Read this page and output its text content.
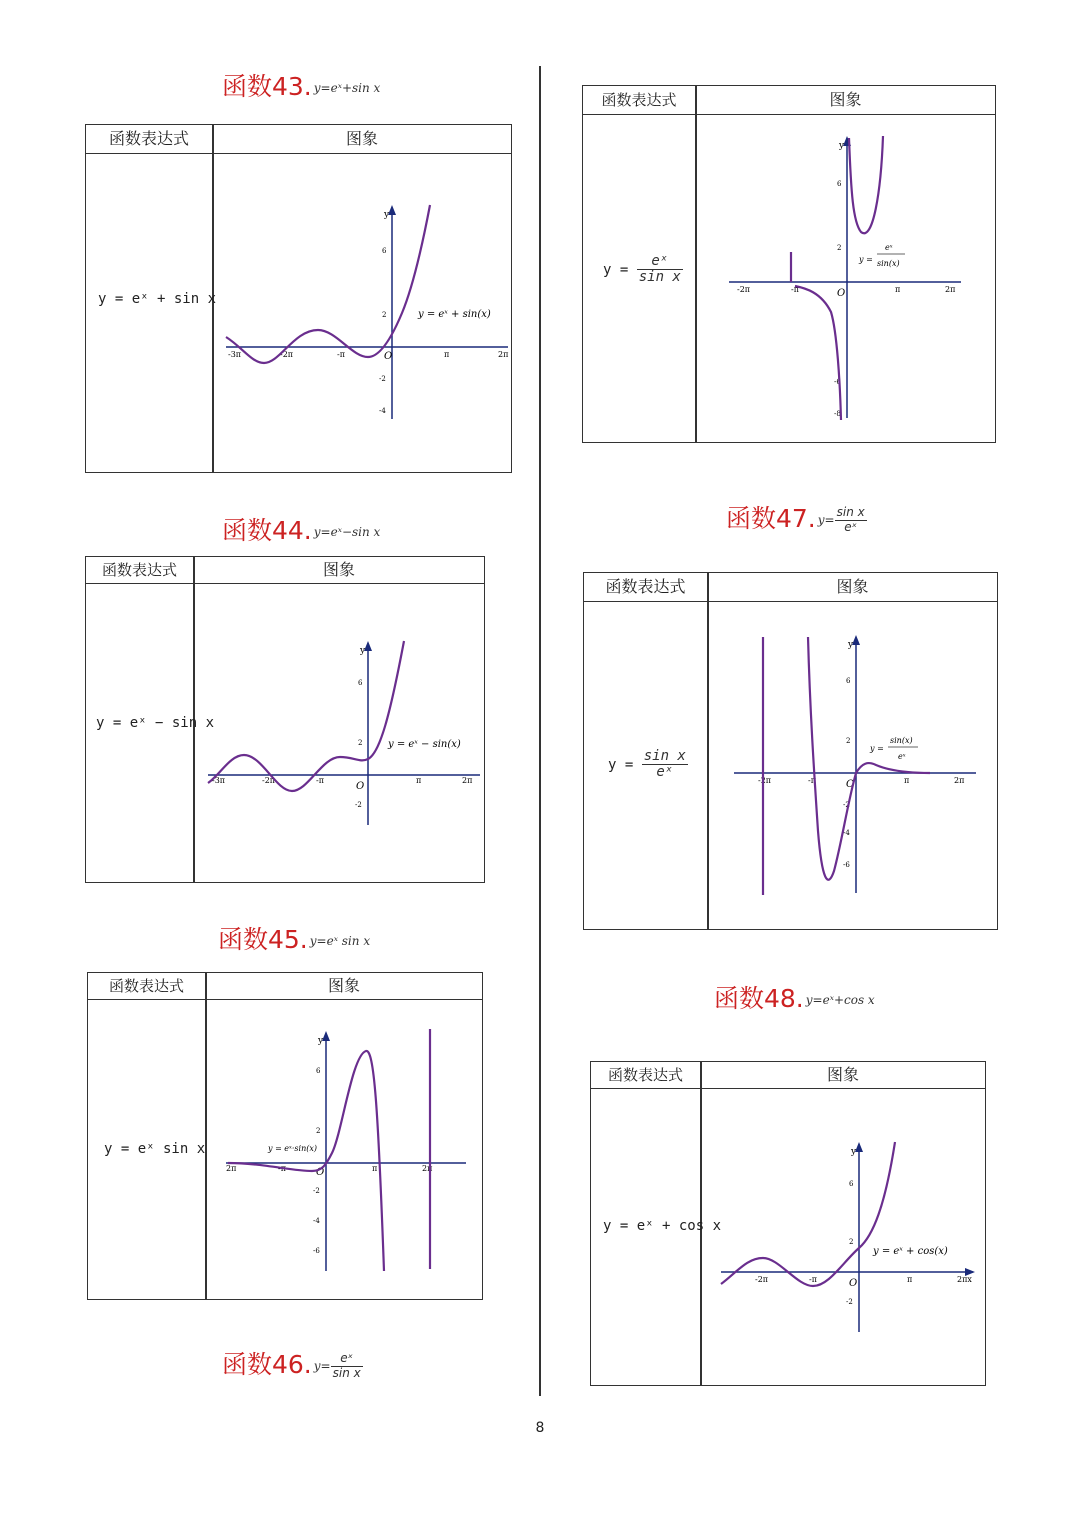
函数43. y=eˣ+sin x
函数表达式	图象
y = eˣ + sin x
y
O
-3π	-2π	-π	π	2π
6
2
-2
-4
y = eˣ + sin(x)
函数44. y=eˣ−sin x
函数表达式	图象
y = eˣ − sin x
y
O
-3π	-2π	-π	π	2π
6
2
-2
y = eˣ − sin(x)
函数45. y=eˣ sin x
函数表达式	图象
y = eˣ sin x
y
O
2π	-π	π	2π
6
2
-2
-4
-6
y = eˣ·sin(x)
函数46. $y= \frac{\text{eˣ}}{\text{sin x}}$
函数表达式	图象
$y = \frac{\text{eˣ}}{\text{sin x}}$
y
O
-2π	-π	π	2π
6
2
-6
-8
y =
eˣ
sin(x)
函数47. $y= \frac{\text{sin x}}{\text{eˣ}}$
函数表达式	图象
$y = \frac{\text{sin x}}{\text{eˣ}}$
y
O
-2π	-π	π	2π
6
2
-2
-4
-6
y =
sin(x)
eˣ
函数48. y=eˣ+cos x
函数表达式	图象
y = eˣ + cos x
y
O
-2π	-π	π	2πx
6
2
-2
y = eˣ + cos(x)
8
